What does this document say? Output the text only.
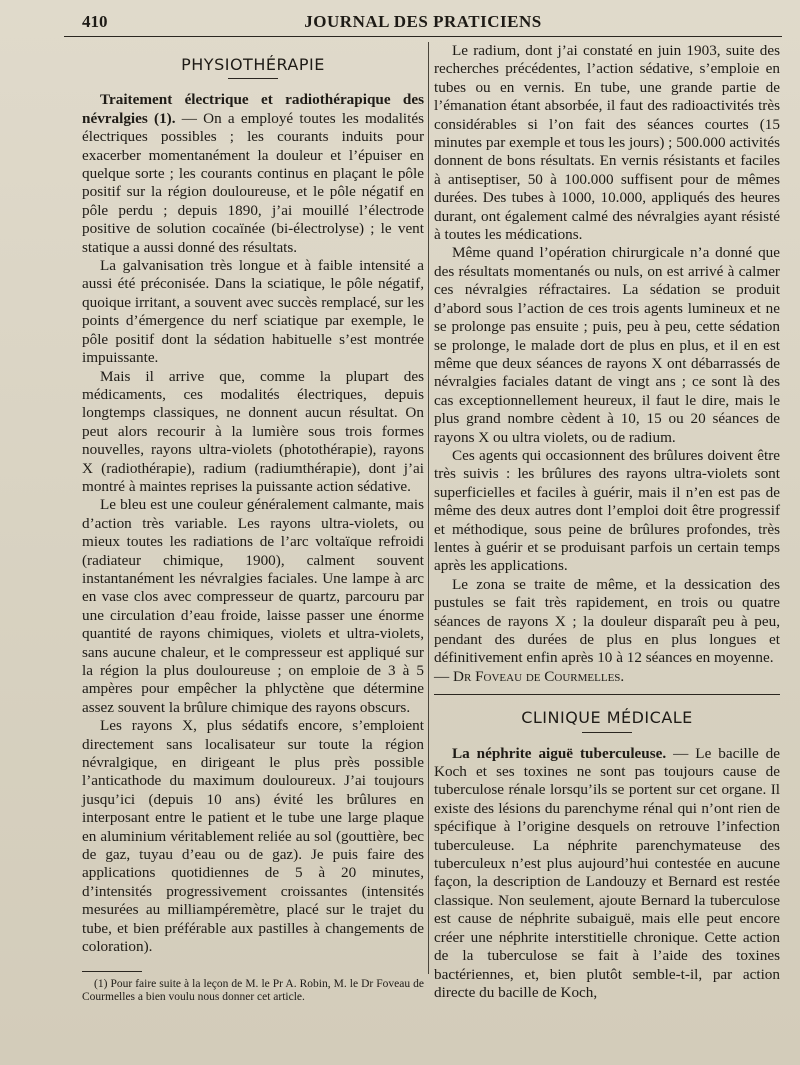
410	JOURNAL DES PRATICIENS
PHYSIOTHÉRAPIE

Traitement électrique et radiothérapique des névralgies (1). — On a employé toutes les modalités électriques possibles ; les courants induits pour exacerber momentanément la douleur et l’épuiser en quelque sorte ; les courants continus en plaçant le pôle positif sur la région douloureuse, et le pôle négatif en pôle perdu ; depuis 1890, j’ai mouillé l’électrode positive de solution cocaïnée (bi-électrolyse) ; le vent statique a aussi donné des résultats.

La galvanisation très longue et à faible intensité a aussi été préconisée. Dans la sciatique, le pôle négatif, quoique irritant, a souvent avec succès remplacé, sur les points d’émergence du nerf sciatique par exemple, le pôle positif dont la sédation habituelle s’est montrée impuissante.

Mais il arrive que, comme la plupart des médicaments, ces modalités électriques, depuis longtemps classiques, ne donnent aucun résultat. On peut alors recourir à la lumière sous trois formes nouvelles, rayons ultra-violets (photothérapie), rayons X (radiothérapie), radium (radiumthérapie), dont j’ai montré à maintes reprises la puissante action sédative.

Le bleu est une couleur généralement calmante, mais d’action très variable. Les rayons ultra-violets, ou mieux toutes les radiations de l’arc voltaïque refroidi (radiateur chimique, 1900), calment souvent instantanément les névralgies faciales. Une lampe à arc en vase clos avec compresseur de quartz, parcouru par une circulation d’eau froide, laisse passer une énorme quantité de rayons chimiques, violets et ultra-violets, sans aucune chaleur, et le compresseur est appliqué sur la région la plus douloureuse ; on emploie de 3 à 5 ampères pour empêcher la phlyctène que détermine assez souvent la brûlure chimique des rayons obscurs.

Les rayons X, plus sédatifs encore, s’emploient directement sans localisateur sur toute la région névralgique, en dirigeant le plus près possible l’anticathode du maximum douloureux. J’ai toujours jusqu’ici (depuis 10 ans) évité les brûlures en interposant entre le patient et le tube une large plaque en aluminium véritablement reliée au sol (gouttière, bec de gaz, tuyau d’eau ou de gaz). Je puis faire des applications quotidiennes de 5 à 20 minutes, d’intensités progressivement croissantes (intensités mesurées au milliampéremètre, placé sur le trajet du tube, et bien préférable aux pastilles à changements de coloration).

(1) Pour faire suite à la leçon de M. le Pr A. Robin, M. le Dr Foveau de Courmelles a bien voulu nous donner cet article.

Le radium, dont j’ai constaté en juin 1903, suite des recherches précédentes, l’action sédative, s’emploie en tubes ou en vernis. En tube, une grande partie de l’émanation étant absorbée, il faut des radioactivités très considérables si l’on fait des séances courtes (15 minutes par exemple et tous les jours) ; 500.000 activités donnent de bons résultats. En vernis résistants et faciles à antiseptiser, 50 à 100.000 suffisent pour de mêmes durées. Des tubes à 1000, 10.000, appliqués des heures durant, ont également calmé des névralgies ayant résisté à toutes les médications.

Même quand l’opération chirurgicale n’a donné que des résultats momentanés ou nuls, on est arrivé à calmer ces névralgies réfractaires. La sédation se produit d’abord sous l’action de ces trois agents lumineux et ne se prolonge pas ensuite ; puis, peu à peu, cette sédation se prolonge, le malade dort de plus en plus, et il en est même que deux séances de rayons X ont débarrassés de névralgies faciales datant de vingt ans ; ce sont là des cas exceptionnellement heureux, il faut le dire, mais le plus grand nombre cèdent à 10, 15 ou 20 séances de rayons X ou ultra violets, ou de radium.

Ces agents qui occasionnent des brûlures doivent être très suivis : les brûlures des rayons ultra-violets sont superficielles et faciles à guérir, mais il n’en est pas de même des deux autres dont l’emploi doit être progressif et méthodique, sous peine de brûlures profondes, très lentes à guérir et se produisant parfois un certain temps après les applications.

Le zona se traite de même, et la dessication des pustules se fait très rapidement, en trois ou quatre séances de rayons X ; la douleur disparaît peu à peu, pendant des durées de plus en plus longues et définitivement enfin après 10 à 12 séances en moyenne.

— Dr Foveau de Courmelles.

CLINIQUE MÉDICALE

La néphrite aiguë tuberculeuse. — Le bacille de Koch et ses toxines ne sont pas toujours cause de tuberculose rénale lorsqu’ils se portent sur cet organe. Il existe des lésions du parenchyme rénal qui n’ont rien de spécifique à l’origine desquels on retrouve l’infection tuberculeuse. La néphrite parenchymateuse des tuberculeux n’est plus aujourd’hui contestée en aucune façon, la description de Landouzy et Bernard est restée classique. Non seulement, ajoute Bernard la tuberculose est cause de néphrite subaiguë, mais elle peut encore créer une néphrite interstitielle chronique. Cette action de la tuberculose se fait à l’aide des toxines bactériennes, et, bien plutôt semble-t-il, par action directe du bacille de Koch,
